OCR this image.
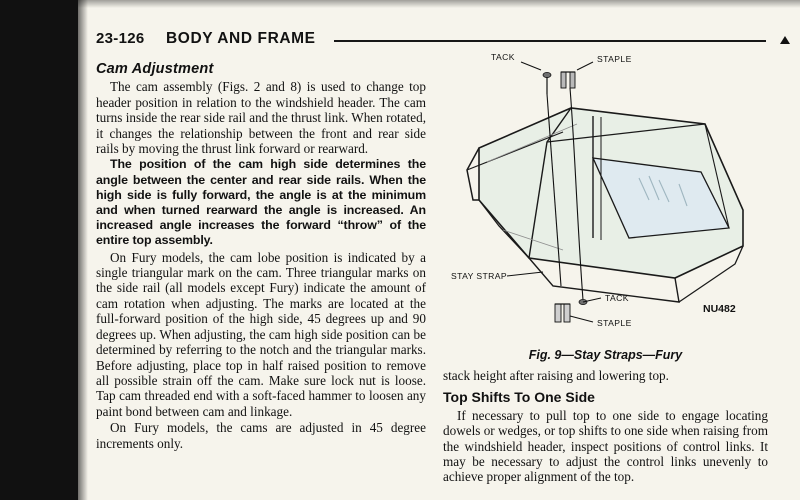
23-126 BODY AND FRAME
Cam Adjustment

The cam assembly (Figs. 2 and 8) is used to change top header position in relation to the windshield header. The cam turns inside the rear side rail and the thrust link. When rotated, it changes the relationship between the front and rear side rails by moving the thrust link forward or rearward.

The position of the cam high side determines the angle between the center and rear side rails. When the high side is fully forward, the angle is at the minimum and when turned rearward the angle is increased. An increased angle increases the forward “throw” of the entire top assembly.

On Fury models, the cam lobe position is indicated by a single triangular mark on the cam. Three triangular marks on the side rail (all models except Fury) indicate the amount of cam rotation when adjusting. The marks are located at the full-forward position of the high side, 45 degrees up and 90 degrees up. When adjusting, the cam high side position can be determined by referring to the notch and the triangular marks. Before adjusting, place top in half raised position to remove all possible strain off the cam. Make sure lock nut is loose. Tap cam threaded end with a soft-faced hammer to loosen any paint bond between cam and linkage.

On Fury models, the cams are adjusted in 45 degree increments only.

TACK	STAPLE
TACK
STAPLE
STAY STRAP
NU482
Fig. 9—Stay Straps—Fury
stack height after raising and lowering top.
Top Shifts To One Side

If necessary to pull top to one side to engage locating dowels or wedges, or top shifts to one side when raising from the windshield header, inspect positions of control links. It may be necessary to adjust the control links unevenly to achieve proper alignment of the top.
